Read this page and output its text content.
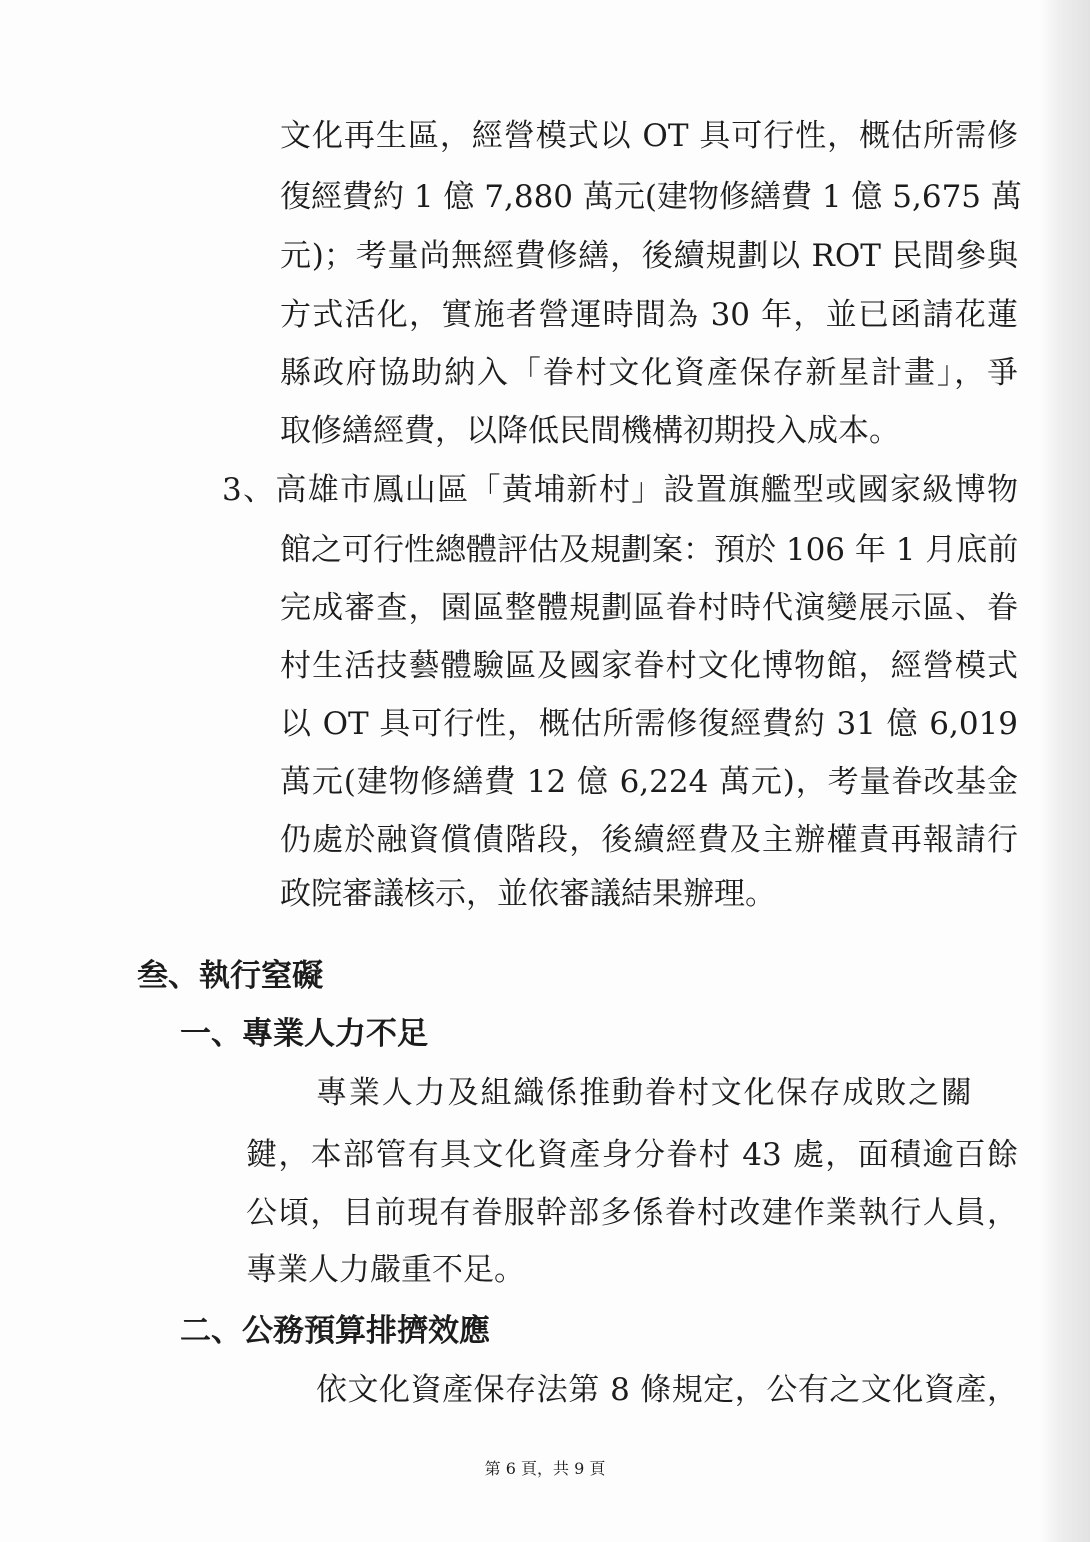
文化再生區，經營模式以 OT 具可行性，概估所需修
復經費約 1 億 7,880 萬元(建物修繕費 1 億 5,675 萬
元)；考量尚無經費修繕，後續規劃以 ROT 民間參與
方式活化，實施者營運時間為 30 年，並已函請花蓮
縣政府協助納入「眷村文化資產保存新星計畫」，爭
取修繕經費，以降低民間機構初期投入成本。
3、高雄市鳳山區「黃埔新村」設置旗艦型或國家級博物
館之可行性總體評估及規劃案：預於 106 年 1 月底前
完成審查，園區整體規劃區眷村時代演變展示區、眷
村生活技藝體驗區及國家眷村文化博物館，經營模式
以 OT 具可行性，概估所需修復經費約 31 億 6,019
萬元(建物修繕費 12 億 6,224 萬元)，考量眷改基金
仍處於融資償債階段，後續經費及主辦權責再報請行
政院審議核示，並依審議結果辦理。
叁、執行窒礙
一、專業人力不足
專業人力及組織係推動眷村文化保存成敗之關
鍵，本部管有具文化資產身分眷村 43 處，面積逾百餘
公頃，目前現有眷服幹部多係眷村改建作業執行人員，
專業人力嚴重不足。
二、公務預算排擠效應
依文化資產保存法第 8 條規定，公有之文化資產，
第 6 頁，共 9 頁
